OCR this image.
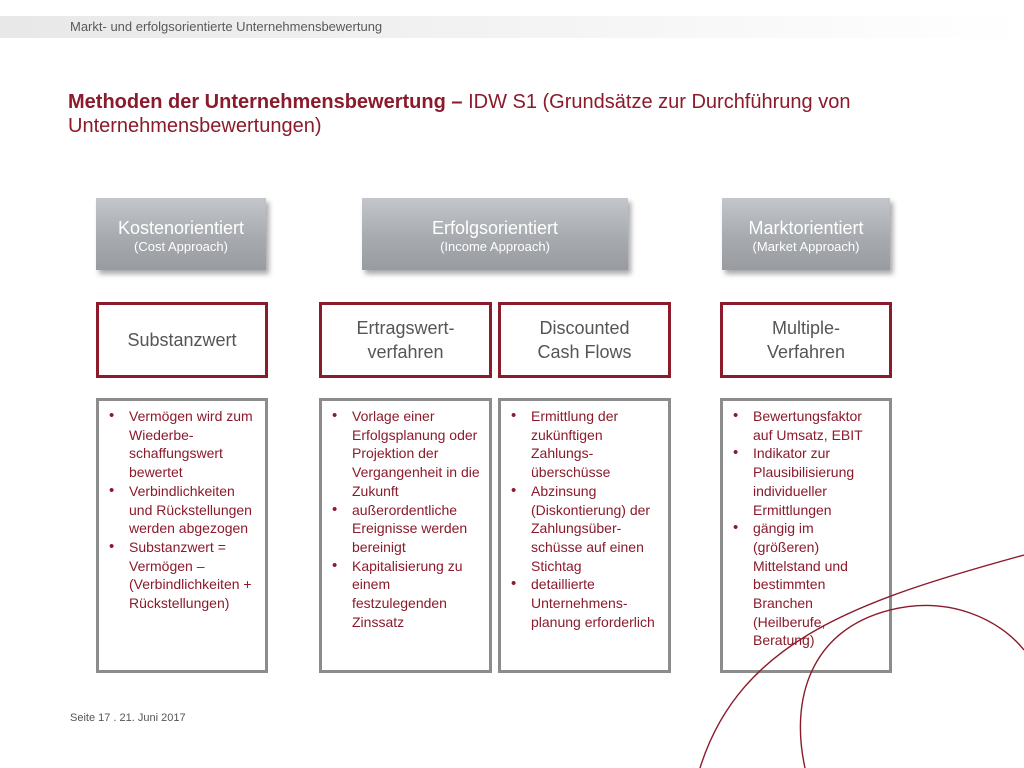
Markt- und erfolgsorientierte Unternehmensbewertung
Methoden der Unternehmensbewertung – IDW S1 (Grundsätze zur Durchführung von Unternehmensbewertungen)
Kostenorientiert
(Cost Approach)
Erfolgsorientiert
(Income Approach)
Marktorientiert
(Market Approach)
Substanzwert
Ertragswert-
verfahren
Discounted
Cash Flows
Multiple-
Verfahren
• Vermögen wird zum Wiederbe-schaffungswert bewertet
• Verbindlichkeiten und Rückstellungen werden abgezogen
• Substanzwert = Vermögen – (Verbindlichkeiten + Rückstellungen)
• Vorlage einer Erfolgsplanung oder Projektion der Vergangenheit in die Zukunft
• außerordentliche Ereignisse werden bereinigt
• Kapitalisierung zu einem festzulegenden Zinssatz
• Ermittlung der zukünftigen Zahlungs-überschüsse
• Abzinsung (Diskontierung) der Zahlungsüber-schüsse auf einen Stichtag
• detaillierte Unternehmens-planung erforderlich
• Bewertungsfaktor auf Umsatz, EBIT
• Indikator zur Plausibilisierung individueller Ermittlungen
• gängig im (größeren) Mittelstand und bestimmten Branchen (Heilberufe, Beratung)
Seite 17 . 21. Juni 2017
